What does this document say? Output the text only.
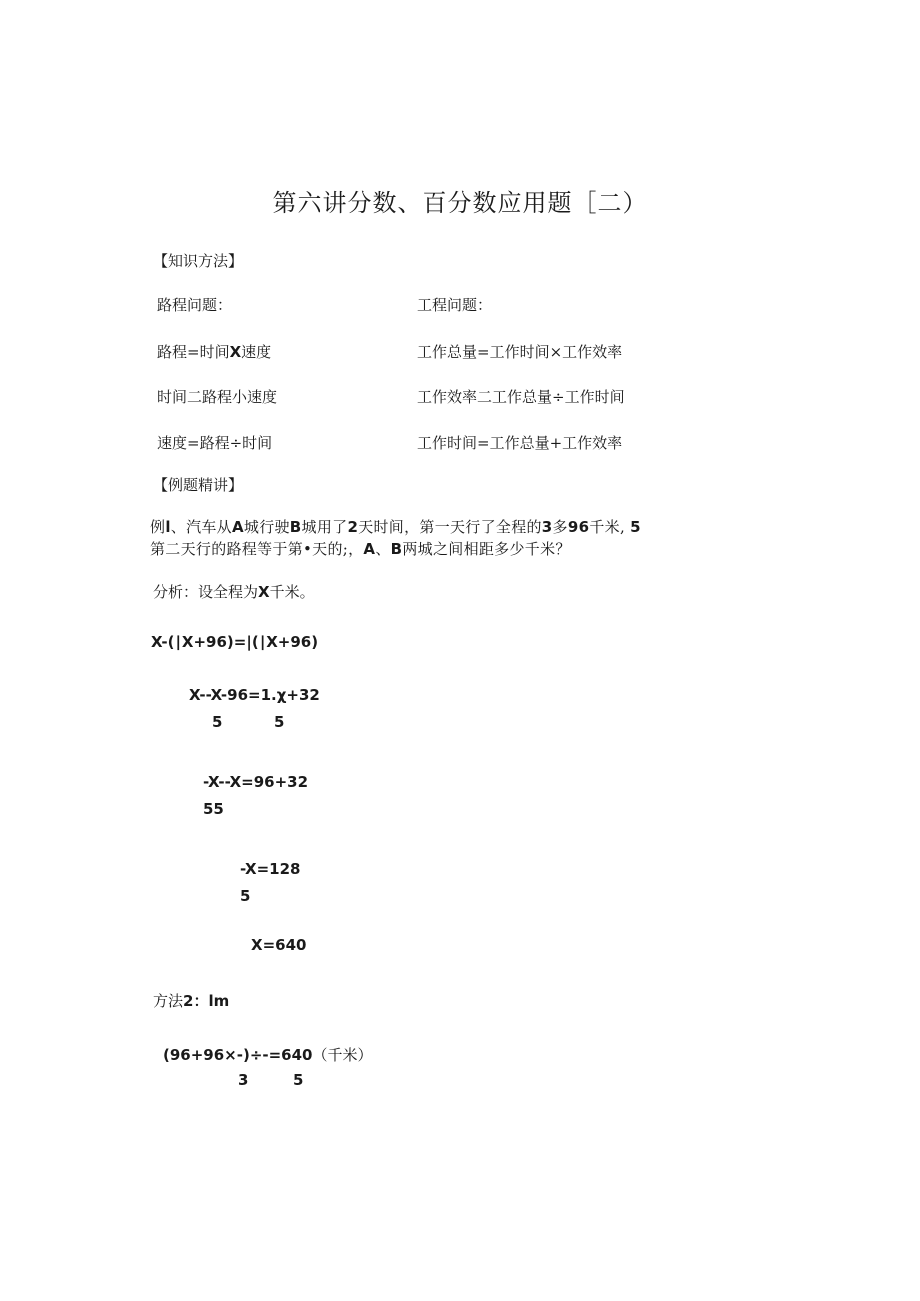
第六讲分数、百分数应用题［二）
【知识方法】
路程问题：	工程问题：
路程=时间X速度	工作总量=工作时间×工作效率
时间二路程小速度	工作效率二工作总量÷工作时间
速度=路程÷时间	工作时间=工作总量+工作效率
【例题精讲】
例l、汽车从A城行驶B城用了2天时间，第一天行了全程的3多96千米, 5
第二天行的路程等于第•天的;，A、B两城之间相距多少千米？
分析：设全程为X千米。
X-(∣X+96)=|(∣X+96)
X--X-96=1.χ+32
5	5
-X--X=96+32
55
-X=128
5
X=640
方法2：lm
(96+96×-)÷-=640（千米）
3	5
